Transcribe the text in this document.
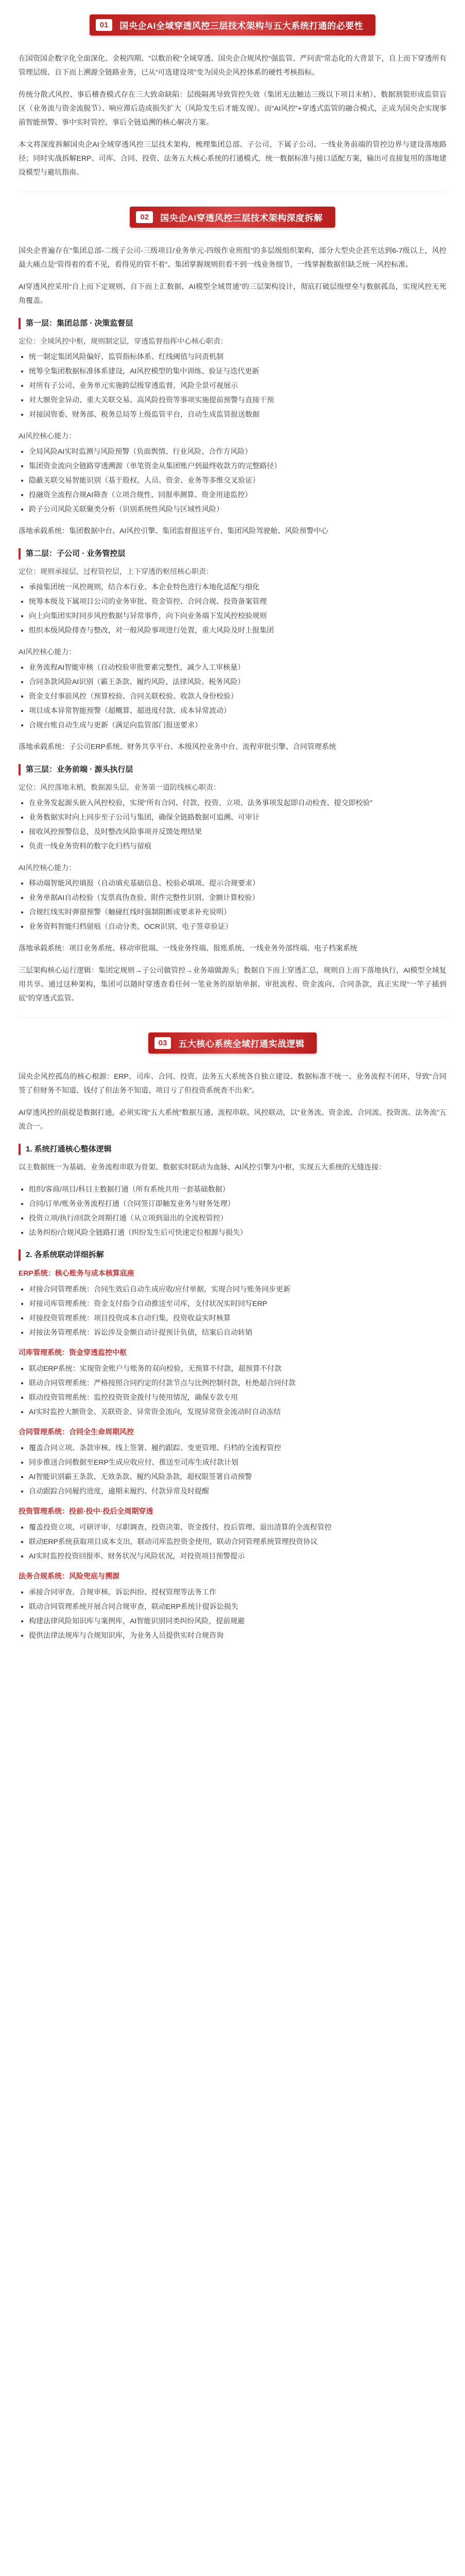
01	国央企AI全域穿透风控三层技术架构与五大系统打通的必要性

在国资国企数字化全面深化、金税四期、“以数治税”全域穿透、国央企合规风控“强监管、严问责”常态化的大背景下，自上而下穿透所有管理层级、自下而上溯源全链路业务，已从“可选建设项”变为国央企风控体系的硬性考核指标。

传统分散式风控、事后稽查模式存在三大致命缺陷：层级隔离导致管控失效（集团无法触达三级以下项目末梢）、数据割裂形成监管盲区（业务流与资金流脱节）、响应滞后造成损失扩大（风险发生后才能发现）。而“AI风控”+穿透式监管的融合模式，正成为国央企实现事前智能预警、事中实时管控、事后全链追溯的核心解决方案。

本文将深度拆解国央企AI全域穿透风控三层技术架构，梳理集团总部、子公司、下属子公司、一线业务前端的管控边界与建设落地路径；同时实战拆解ERP、司库、合同、投资、法务五大核心系统的打通模式，统一数据标准与接口适配方案，输出可直接复用的落地建设模型与避坑指南。

02	国央企AI穿透风控三层技术架构深度拆解

国央企普遍存在“集团总部-二级子公司-三级项目/业务单元-四级作业班组”的多层级组织架构，部分大型央企甚至达到6-7级以上，风控最大痛点是“管得着的看不见，看得见的管不着”。集团掌握规则但看不到一线业务细节，一线掌握数据但缺乏统一风控标准。

AI穿透风控采用“自上而下定规则、自下而上汇数据、AI模型全域贯通”的三层架构设计，彻底打破层级壁垒与数据孤岛，实现风控无死角覆盖。

第一层：集团总部 · 决策监督层
定位：全域风控中枢，规则制定层，穿透监督指挥中心核心职责：
• 统一制定集团风险偏好、监管指标体系、红线阈值与问责机制
• 统筹全集团数据标准体系建设，AI风控模型的集中训练、验证与迭代更新
• 对所有子公司、业务单元实施跨层级穿透监督，风险全景可视展示
• 对大额资金异动、重大关联交易、高风险投资等事项实施提前预警与直接干预
• 对接国资委、财务部、税务总局等上级监管平台，自动生成监管报送数据
AI风控核心能力：
• 全局风险AI实时监测与风险预警（负面舆情、行业风险、合作方风险）
• 集团资金流向全链路穿透溯源（单笔资金从集团账户到最终收款方的完整路径）
• 隐蔽关联交易智能识别（基于股权、人员、资金、业务等多维交叉验证）
• 投融资全流程合规AI筛查（立项合规性、回报率测算、资金用途监控）
• 跨子公司风险关联聚类分析（识别系统性风险与区域性风险）

落地承载系统：集团数据中台、AI风控引擎、集团监督报送平台、集团风险驾驶舱、风险预警中心

第二层：子公司 · 业务管控层
定位：规则承接层，过程管控层，上下穿透的枢纽核心职责：
• 承接集团统一风控规则，结合本行业、本企业特色进行本地化适配与细化
• 统筹本级及下属项目公司的业务审批、资金管控、合同合规、投资备案管理
• 向上向集团实时同步风控数据与异常事件，向下向业务端下发风控校验规则
• 组织本级风险排查与整改，对一般风险事项进行处置，重大风险及时上报集团
AI风控核心能力：
• 业务流程AI智能审核（自动校验审批要素完整性，减少人工审核量）
• 合同条款风险AI识别（霸王条款、履约风险、法律风险、税务风险）
• 资金支付事前风控（预算校验、合同关联校验、收款人身份校验）
• 项目成本异常智能预警（超概算、超进度付款、成本异常波动）
• 合规台账自动生成与更新（满足向监管部门报送要求）

落地承载系统：子公司ERP系统、财务共享平台、本级风控业务中台、流程审批引擎、合同管理系统

第三层：业务前端 · 源头执行层
定位：风控落地末梢，数据源头层，业务第一道防线核心职责：
• 在业务发起源头嵌入风控校验，实现“所有合同、付款、投资、立项、法务事项发起即自动检查、提交即校验”
• 业务数据实时向上同步至子公司与集团，确保全链路数据可追溯、可审计
• 接收风控预警信息，及时整改风险事项并反馈处理结果
• 负责一线业务资料的数字化归档与留痕
AI风控核心能力：
• 移动端智能风控填报（自动填充基础信息、校验必填项、提示合规要求）
• 业务单据AI自动校验（发票真伪查验、附件完整性识别、金额计算校验）
• 合规红线实时弹窗预警（触碰红线时强制阻断或要求补充说明）
• 业务资料智能归档留痕（自动分类、OCR识别、电子签章验证）

落地承载系统：项目业务系统、移动审批端、一线业务终端、报账系统、一线业务外部终端、电子档案系统

三层架构核心运行逻辑：集团定规则→子公司做管控→业务端做源头；数据自下而上穿透汇总，规则自上而下落地执行，AI模型全域复用共享。通过这种架构，集团可以随时穿透查看任何一笔业务的原始单据、审批流程、资金流向、合同条款，真正实现“一竿子插到底”的穿透式监管。

03	五大核心系统全域打通实战逻辑

国央企风控孤岛的核心根源：ERP、司库、合同、投资、法务五大系统各自独立建设、数据标准不统一、业务流程不闭环，导致“合同签了但财务不知道、钱付了但法务不知道、项目亏了但投资系统查不出来”。

AI穿透风控的前提是数据打通，必须实现“五大系统”数据互通、流程串联、风控联动，以“业务流、资金流、合同流、投资流、法务流”五流合一。

1. 系统打通核心整体逻辑

以主数据统一为基础、业务流程串联为骨架、数据实时联动为血脉、AI风控引擎为中枢，实现五大系统的无缝连接：

• 组织/客商/项目/科目主数据打通（所有系统共用一套基础数据）
• 合同/订单/账务业务流程打通（合同签订即触发业务与财务处理）
• 投资立项/执行/回款全周期打通（从立项到退出的全流程管控）
• 法务纠纷/合规风险全链路打通（纠纷发生后可快速定位根源与损失）
2. 各系统联动详细拆解
ERP系统：核心账务与成本核算底座
• 对接合同管理系统：合同生效后自动生成应收/应付单据，实现合同与账务同步更新
• 对接司库管理系统：资金支付指令自动推送至司库，支付状况实时回写ERP
• 对接投资管理系统：项目投资成本自动归集，投资收益实时核算
• 对接法务管理系统：诉讼涉及金额自动计提预计负债，结案后自动转销
司库管理系统：资金穿透监控中枢
• 联动ERP系统：实现资金账户与账务的双向校验，无预算不付款，超预算不付款
• 联动合同管理系统：严格按照合同约定的付款节点与比例控制付款，杜绝超合同付款
• 联动投资管理系统：监控投资资金拨付与使用情况，确保专款专用
• AI实时监控大额资金、关联资金、异常资金流向，发现异常资金流动时自动冻结
合同管理系统：合同全生命周期风控
• 覆盖合同立项、条款审核、线上签署、履约跟踪、变更管理、归档的全流程管控
• 同步推送合同数据至ERP生成应收应付、推送至司库生成付款计划
• AI智能识别霸王条款、无效条款、履约风险条款，超权限签署自动预警
• 自动跟踪合同履约进度，逾期未履约、付款异常及时提醒
投资管理系统：投前·投中·投后全周期穿透
• 覆盖投资立项、可研评审、尽职调查、投资决策、资金拨付、投后管理、退出清算的全流程管控
• 联动ERP系统获取项目成本支出，联动司库监控资金使用，联动合同管理系统管理投资协议
• AI实时监控投资回报率、财务状况与风险状况，对投资项目预警提示
法务合规系统：风险兜底与溯源
• 承接合同审查、合规审核、诉讼纠纷、授权管理等法务工作
• 联动合同管理系统开展合同合规审查，联动ERP系统计提诉讼损失
• 构建法律风险知识库与案例库，AI智能识别同类纠纷风险，提前规避
• 提供法律法规库与合规知识库，为业务人员提供实时合规咨询
